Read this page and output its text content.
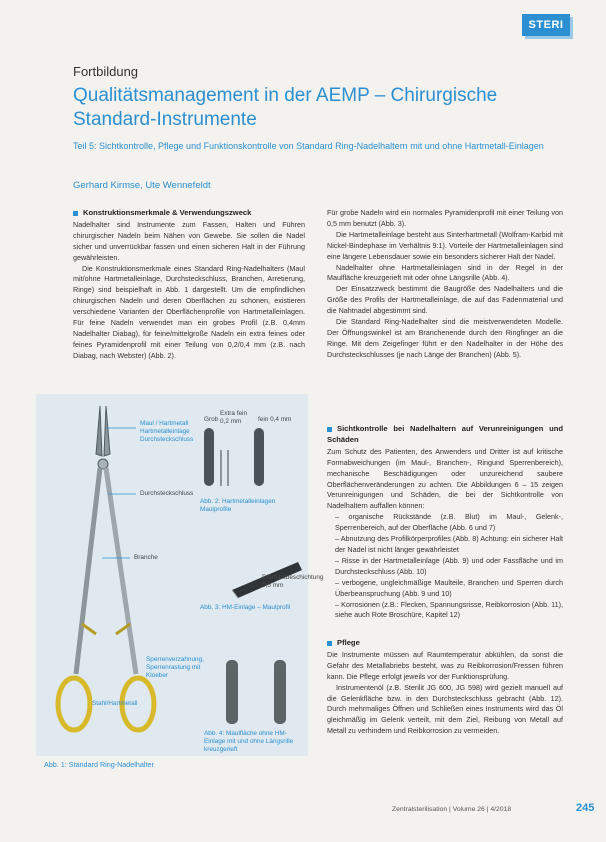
STERI
Fortbildung
Qualitätsmanagement in der AEMP – Chirurgische Standard-Instrumente
Teil 5: Sichtkontrolle, Pflege und Funktionskontrolle von Standard Ring-Nadelhaltern mit und ohne Hartmetall-Einlagen
Gerhard Kirmse, Ute Wennefeldt

Konstruktionsmerkmale & Verwendungszweck

Nadelhalter sind Instrumente zum Fassen, Halten und Führen chirurgischer Nadeln beim Nähen von Gewebe. Sie sollen die Nadel sicher und unverrückbar fassen und einen sicheren Halt in der Führung gewährleisten.

Die Konstruktionsmerkmale eines Standard Ring-Nadelhalters (Maul mit/ohne Hartmetalleinlage, Durchsteckschluss, Branchen, Arretierung, Ringe) sind beispielhaft in Abb. 1 dargestellt. Um die empfindlichen chirurgischen Nadeln und deren Oberflächen zu schonen, existieren verschiedene Varianten der Oberflächenprofile von Hartmetalleinlagen. Für feine Nadeln verwendet man ein grobes Profil (z.B. 0,4mm Nadelhalter Diabag), für feine/mittelgroße Nadeln ein extra feines oder feines Pyramidenprofil mit einer Teilung von 0,2/0,4 mm (z.B. nach Diabag, nach Webster) (Abb. 2).

Für grobe Nadeln wird ein normales Pyramidenprofil mit einer Teilung von 0,5 mm benutzt (Abb. 3).

Die Hartmetalleinlage besteht aus Sinterhartmetall (Wolfram-Karbid mit Nickel-Bindephase im Verhältnis 9:1). Vorteile der Hartmetalleinlagen sind eine längere Lebensdauer sowie ein besonders sicherer Halt der Nadel.

Nadelhalter ohne Hartmetalleinlagen sind in der Regel in der Maulfläche kreuzgerieft mit oder ohne Längsrille (Abb. 4).

Der Einsatzzweck bestimmt die Baugröße des Nadelhalters und die Größe des Profils der Hartmetalleinlage, die auf das Fadenmaterial und die Nahtnadel abgestimmt sind.

Die Standard Ring-Nadelhalter sind die meistverwendeten Modelle. Der Öffnungswinkel ist am Branchenende durch den Ringfinger an die Ringe. Mit dem Zeigefinger führt er den Nadelhalter in der Höhe des Durchsteckschlusses (je nach Länge der Branchen) (Abb. 5).

Sichtkontrolle bei Nadelhaltern auf Verunreinigungen und Schäden

Zum Schutz des Patienten, des Anwenders und Dritter ist auf kritische Formabweichungen (im Maul-, Branchen-, Ringund Sperrenbereich), mechanische Beschädigungen oder unzureichend saubere Oberflächenveränderungen zu achten. Die Abbildungen 6 – 15 zeigen Verunreinigungen und Schäden, die bei der Sichtkontrolle von Nadelhaltern auffallen können:

– organische Rückstände (z.B. Blut) im Maul-, Gelenk-, Sperrenbereich, auf der Oberfläche (Abb. 6 und 7)
– Abnutzung des Profilkörperprofiles (Abb. 8) Achtung: ein sicherer Halt der Nadel ist nicht länger gewährleistet
– Risse in der Hartmetalleinlage (Abb. 9) und oder Fassfläche und im Durchsteckschluss (Abb. 10)
– verbogene, ungleichmäßige Maulteile, Branchen und Sperren durch Überbeanspruchung (Abb. 9 und 10)
– Korrosionen (z.B.: Flecken, Spannungsrisse, Reibkorrosion (Abb. 11), siehe auch Rote Broschüre, Kapitel 12)

Pflege

Die Instrumente müssen auf Raumtemperatur abkühlen, da sonst die Gefahr des Metallabriebs besteht, was zu Reibkorrosion/Fressen führen kann. Die Pflege erfolgt jeweils vor der Funktionsprüfung.

Instrumentenöl (z.B. Sterilit JG 600, JG 598) wird gezielt manuell auf die Gelenkfläche bzw. in den Durchsteckschluss gebracht (Abb. 12). Durch mehrmaliges Öffnen und Schließen eines Instruments wird das Öl gleichmäßig im Gelenk verteilt, mit dem Ziel, Reibung von Metall auf Metall zu verhindern und Reibkorrosion zu vermeiden.

Maul / Hartmetall Hartmetalleinlage Durchsteckschluss
Durchsteckschluss
Branche
Sperrenverzahnung, Sperrenrastung mit Kloeber
Stahl/Hartmetall
Grob
Extra fein 0,2 mm	fein 0,4 mm
Abb. 2: Hartmetalleinlagen Maulprofile
Diamantbeschichtung 0,5 mm
Abb. 3: HM-Einlage – Maulprofil
Abb. 4: Maulfläche ohne HM-Einlage mit und ohne Längsrille kreuzgerieft
Abb. 1: Standard Ring-Nadelhalter
Zentralsterilisation | Volume 26 | 4/2018	245
